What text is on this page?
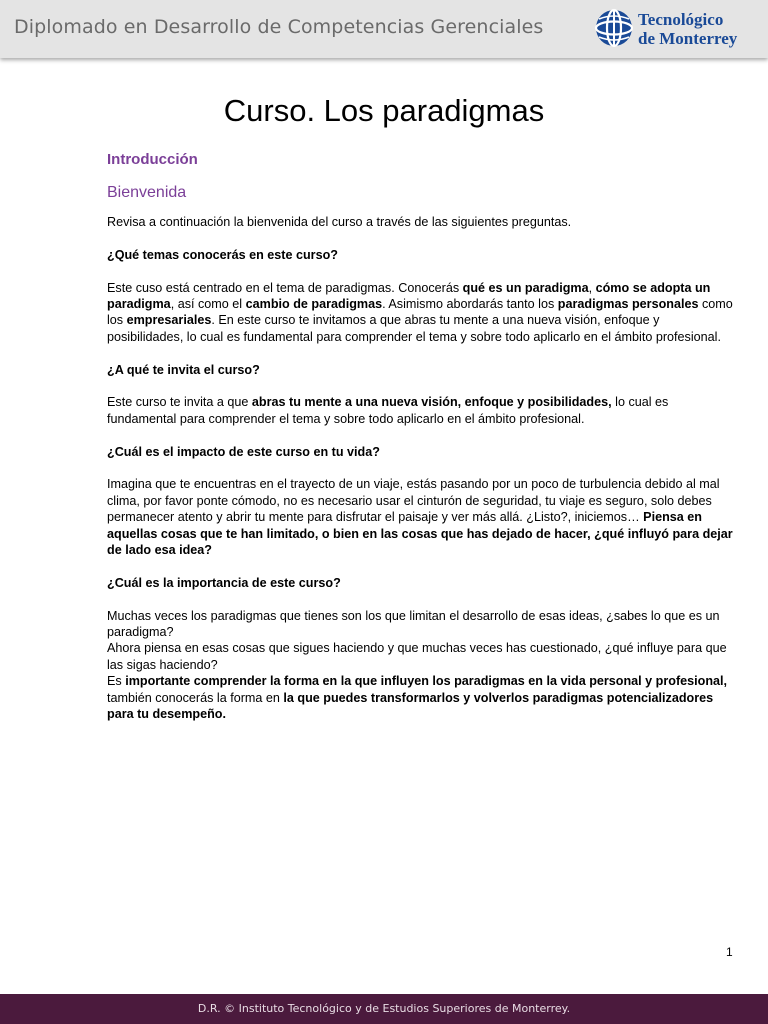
Diplomado en Desarrollo de Competencias Gerenciales	Tecnológico
de Monterrey
Curso. Los paradigmas
Introducción
Bienvenida

Revisa a continuación la bienvenida del curso a través de las siguientes preguntas.

¿Qué temas conocerás en este curso?

Este cuso está centrado en el tema de paradigmas. Conocerás qué es un paradigma, cómo se adopta un paradigma, así como el cambio de paradigmas. Asimismo abordarás tanto los paradigmas personales como los empresariales. En este curso te invitamos a que abras tu mente a una nueva visión, enfoque y posibilidades, lo cual es fundamental para comprender el tema y sobre todo aplicarlo en el ámbito profesional.

¿A qué te invita el curso?

Este curso te invita a que abras tu mente a una nueva visión, enfoque y posibilidades, lo cual es fundamental para comprender el tema y sobre todo aplicarlo en el ámbito profesional.

¿Cuál es el impacto de este curso en tu vida?

Imagina que te encuentras en el trayecto de un viaje, estás pasando por un poco de turbulencia debido al mal clima, por favor ponte cómodo, no es necesario usar el cinturón de seguridad, tu viaje es seguro, solo debes permanecer atento y abrir tu mente para disfrutar el paisaje y ver más allá. ¿Listo?, iniciemos… Piensa en aquellas cosas que te han limitado, o bien en las cosas que has dejado de hacer, ¿qué influyó para dejar de lado esa idea?

¿Cuál es la importancia de este curso?

Muchas veces los paradigmas que tienes son los que limitan el desarrollo de esas ideas, ¿sabes lo que es un paradigma?

Ahora piensa en esas cosas que sigues haciendo y que muchas veces has cuestionado, ¿qué influye para que las sigas haciendo?

Es importante comprender la forma en la que influyen los paradigmas en la vida personal y profesional, también conocerás la forma en la que puedes transformarlos y volverlos paradigmas potencializadores para tu desempeño.

1
D.R. © Instituto Tecnológico y de Estudios Superiores de Monterrey.
